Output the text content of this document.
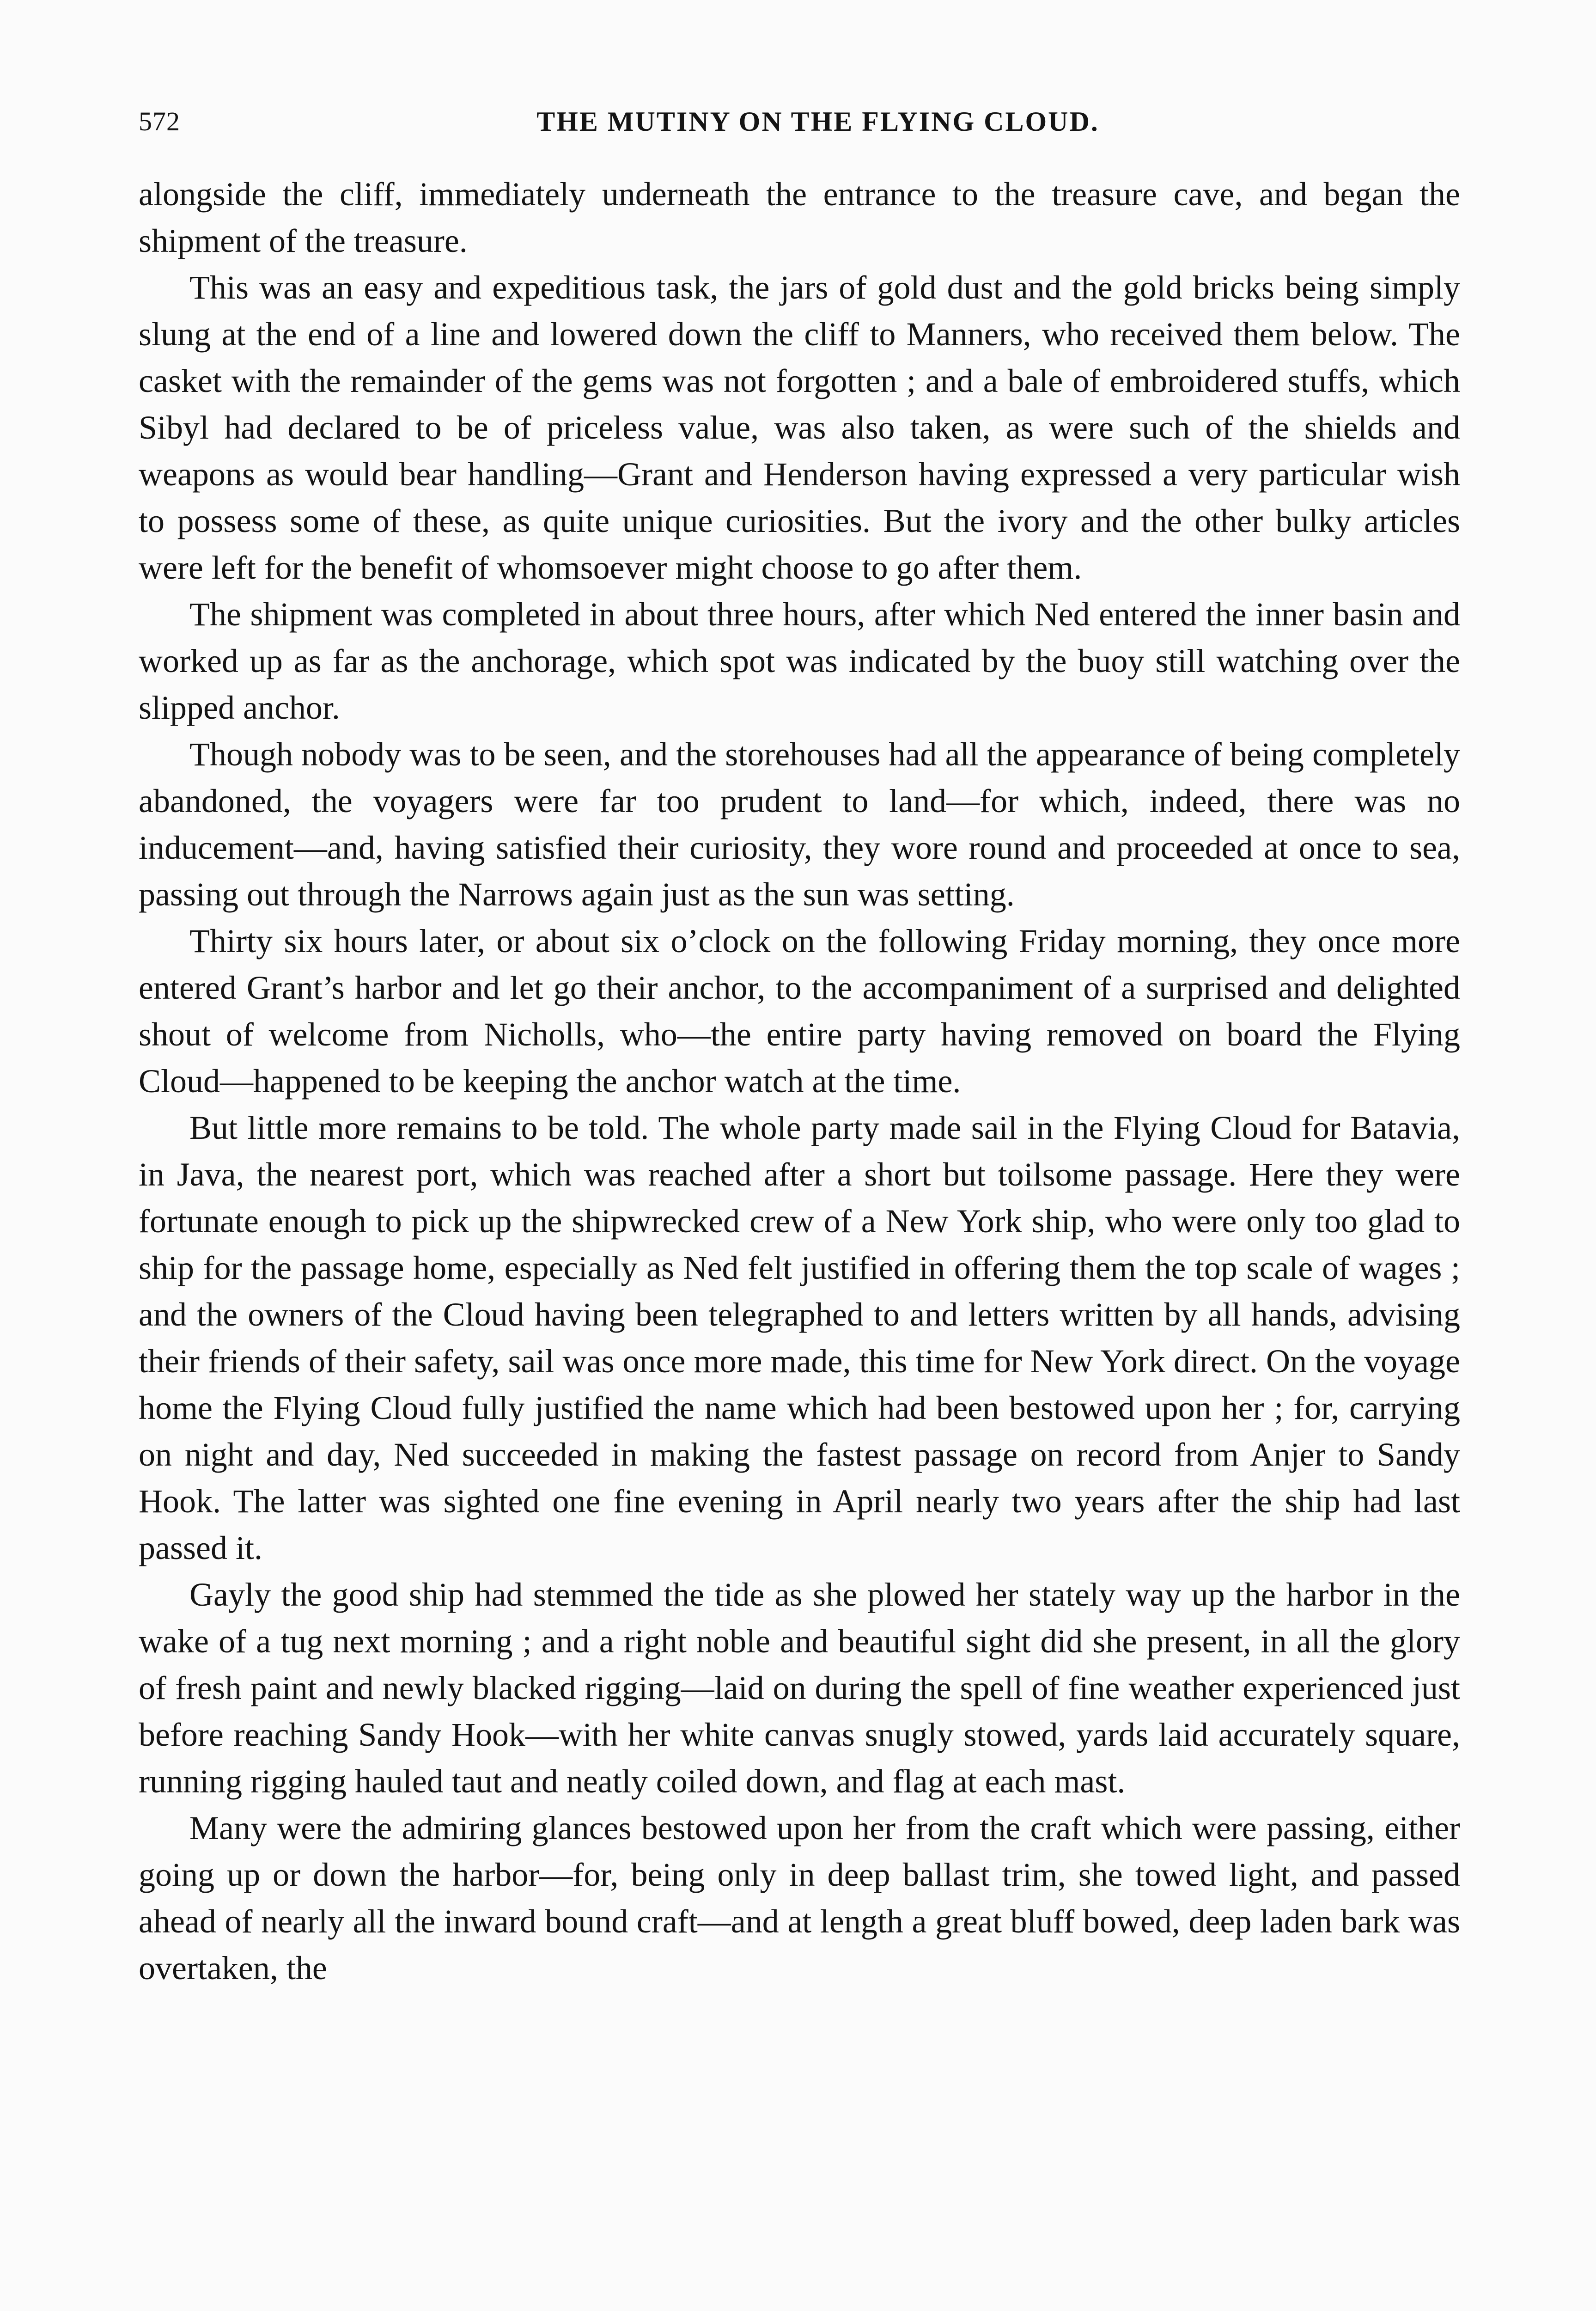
572	THE MUTINY ON THE FLYING CLOUD.

alongside the cliff, immediately underneath the entrance to the treasure cave, and began the shipment of the treasure.

This was an easy and expeditious task, the jars of gold dust and the gold bricks being simply slung at the end of a line and lowered down the cliff to Manners, who received them below. The casket with the remainder of the gems was not forgotten ; and a bale of embroidered stuffs, which Sibyl had declared to be of priceless value, was also taken, as were such of the shields and weapons as would bear handling—Grant and Henderson having expressed a very particular wish to possess some of these, as quite unique curiosities. But the ivory and the other bulky articles were left for the benefit of whomsoever might choose to go after them.

The shipment was completed in about three hours, after which Ned entered the inner basin and worked up as far as the anchorage, which spot was indicated by the buoy still watching over the slipped anchor.

Though nobody was to be seen, and the storehouses had all the appearance of being completely abandoned, the voyagers were far too prudent to land—for which, indeed, there was no inducement—and, having satisfied their curiosity, they wore round and proceeded at once to sea, passing out through the Narrows again just as the sun was setting.

Thirty six hours later, or about six o’clock on the following Friday morning, they once more entered Grant’s harbor and let go their anchor, to the accompaniment of a surprised and delighted shout of welcome from Nicholls, who—the entire party having removed on board the Flying Cloud—happened to be keeping the anchor watch at the time.

But little more remains to be told. The whole party made sail in the Flying Cloud for Batavia, in Java, the nearest port, which was reached after a short but toilsome passage. Here they were fortunate enough to pick up the shipwrecked crew of a New York ship, who were only too glad to ship for the passage home, especially as Ned felt justified in offering them the top scale of wages ; and the owners of the Cloud having been telegraphed to and letters written by all hands, advising their friends of their safety, sail was once more made, this time for New York direct. On the voyage home the Flying Cloud fully justified the name which had been bestowed upon her ; for, carrying on night and day, Ned succeeded in making the fastest passage on record from Anjer to Sandy Hook. The latter was sighted one fine evening in April nearly two years after the ship had last passed it.

Gayly the good ship had stemmed the tide as she plowed her stately way up the harbor in the wake of a tug next morning ; and a right noble and beautiful sight did she present, in all the glory of fresh paint and newly blacked rigging—laid on during the spell of fine weather experienced just before reaching Sandy Hook—with her white canvas snugly stowed, yards laid accurately square, running rigging hauled taut and neatly coiled down, and flag at each mast.

Many were the admiring glances bestowed upon her from the craft which were passing, either going up or down the harbor—for, being only in deep ballast trim, she towed light, and passed ahead of nearly all the inward bound craft—and at length a great bluff bowed, deep laden bark was overtaken, the
